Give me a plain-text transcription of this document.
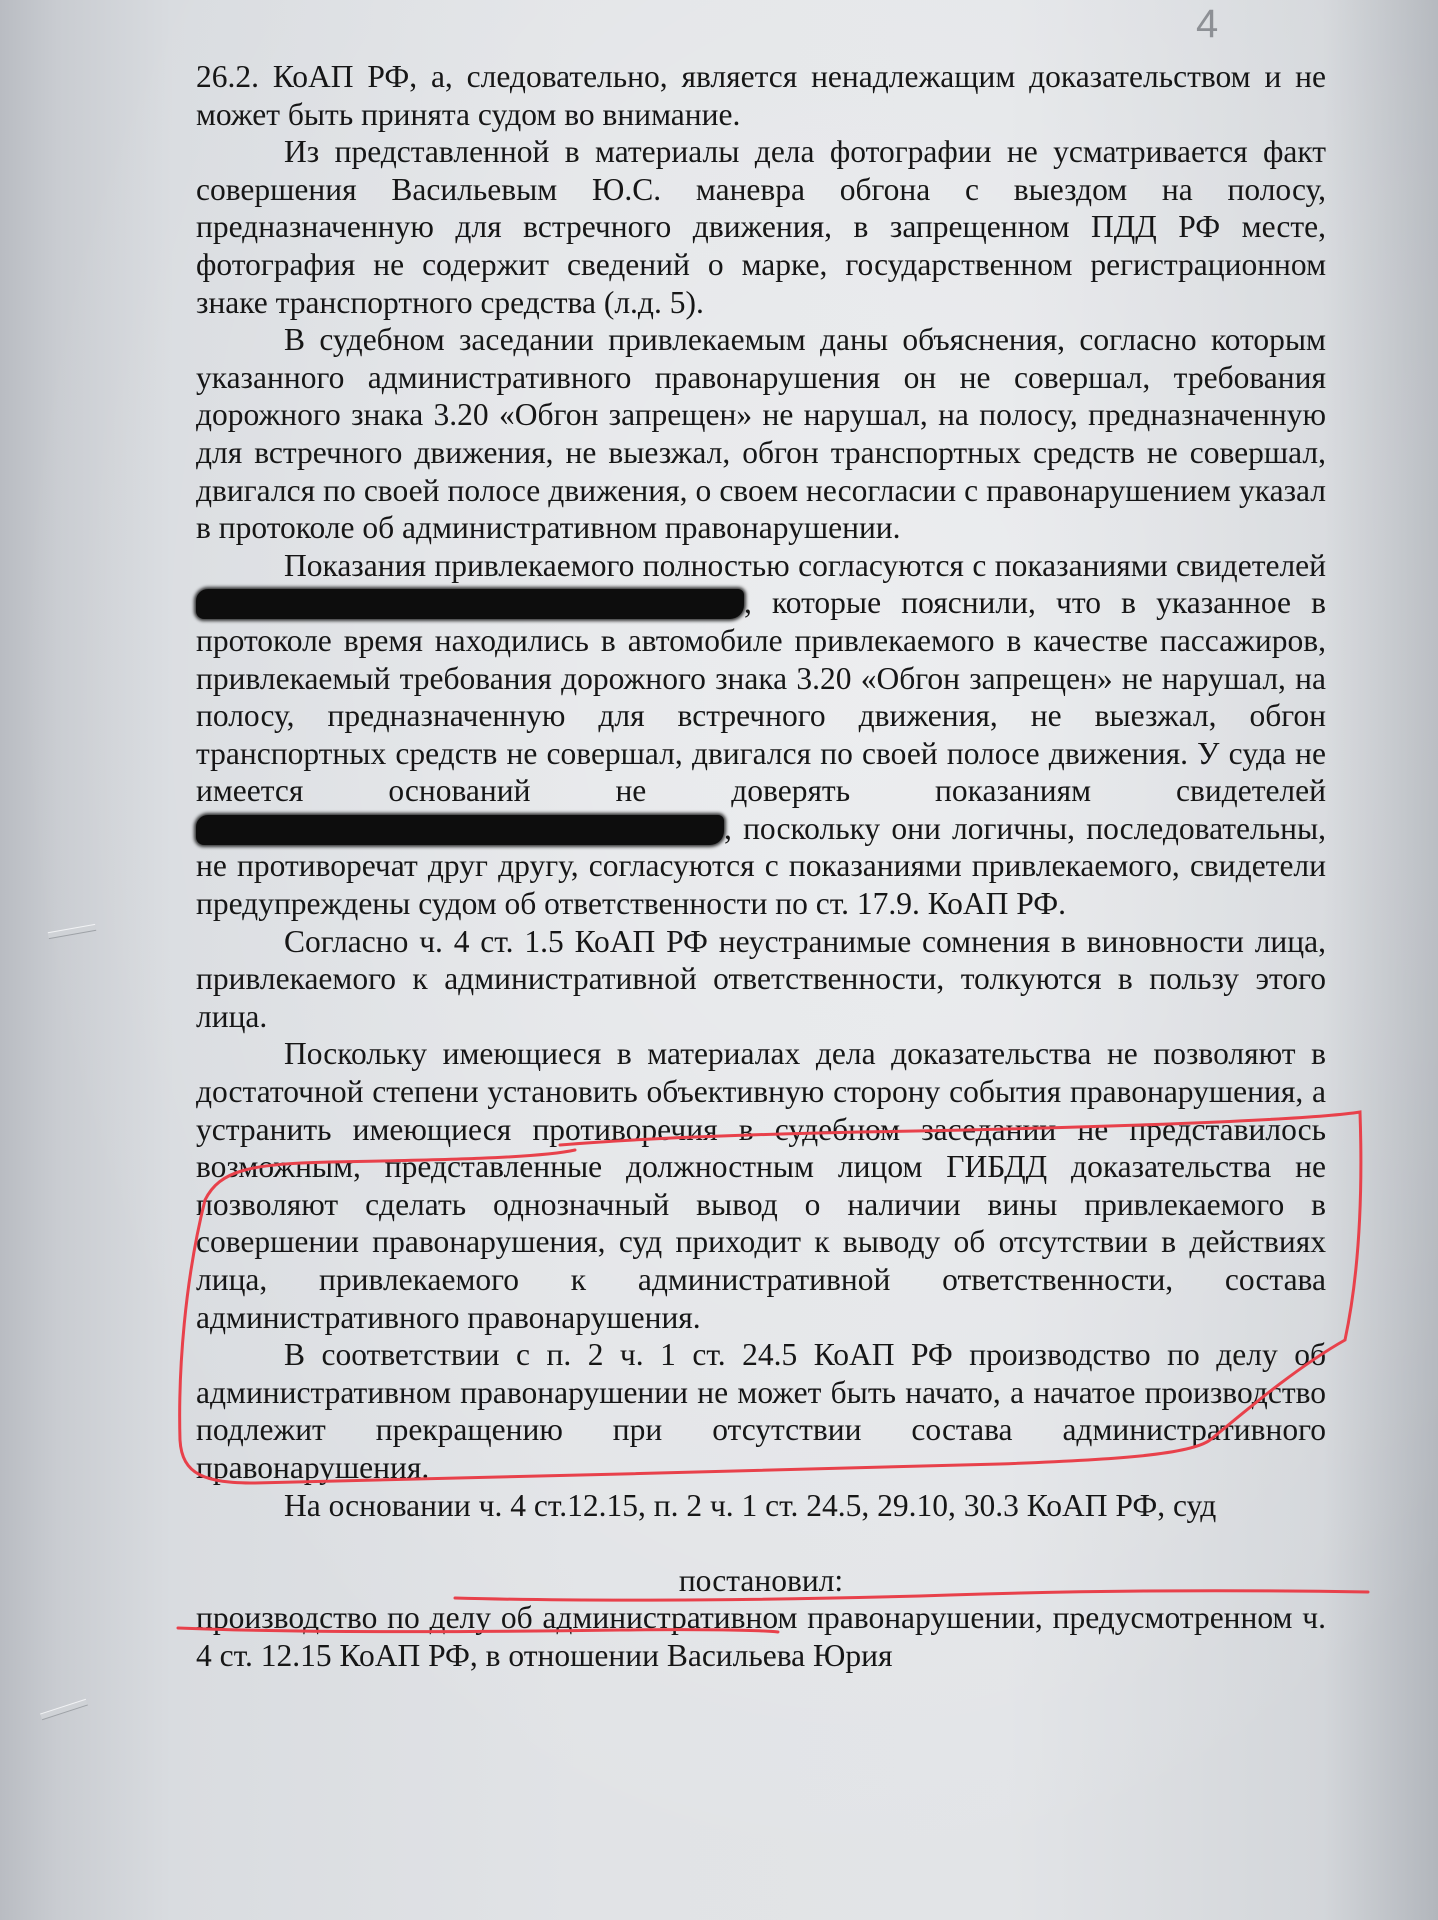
4

26.2. КоАП РФ, а, следовательно, является ненадлежащим доказательством и не может быть принята судом во внимание.

Из представленной в материалы дела фотографии не усматривается факт совершения Васильевым Ю.С. маневра обгона с выездом на полосу, предназначенную для встречного движения, в запрещенном ПДД РФ месте, фотография не содержит сведений о марке, государственном регистрационном знаке транспортного средства (л.д. 5).

В судебном заседании привлекаемым даны объяснения, согласно которым указанного административного правонарушения он не совершал, требования дорожного знака 3.20 «Обгон запрещен» не нарушал, на полосу, предназначенную для встречного движения, не выезжал, обгон транспортных средств не совершал, двигался по своей полосе движения, о своем несогласии с правонарушением указал в протоколе об административном правонарушении.

Показания привлекаемого полностью согласуются с показаниями свидетелей , которые пояснили, что в указанное в протоколе время находились в автомобиле привлекаемого в качестве пассажиров, привлекаемый требования дорожного знака 3.20 «Обгон запрещен» не нарушал, на полосу, предназначенную для встречного движения, не выезжал, обгон транспортных средств не совершал, двигался по своей полосе движения. У суда не имеется оснований не доверять показаниям свидетелей , поскольку они логичны, последовательны, не противоречат друг другу, согласуются с показаниями привлекаемого, свидетели предупреждены судом об ответственности по ст. 17.9. КоАП РФ.

Согласно ч. 4 ст. 1.5 КоАП РФ неустранимые сомнения в виновности лица, привлекаемого к административной ответственности, толкуются в пользу этого лица.

Поскольку имеющиеся в материалах дела доказательства не позволяют в достаточной степени установить объективную сторону события правонарушения, а устранить имеющиеся противоречия в судебном заседании не представилось возможным, представленные должностным лицом ГИБДД доказательства не позволяют сделать однозначный вывод о наличии вины привлекаемого в совершении правонарушения, суд приходит к выводу об отсутствии в действиях лица, привлекаемого к административной ответственности, состава административного правонарушения.

В соответствии с п. 2 ч. 1 ст. 24.5 КоАП РФ производство по делу об административном правонарушении не может быть начато, а начатое производство подлежит прекращению при отсутствии состава административного правонарушения.

На основании ч. 4 ст.12.15, п. 2 ч. 1 ст. 24.5, 29.10, 30.3 КоАП РФ, суд

постановил:

производство по делу об административном правонарушении, предусмотренном ч. 4 ст. 12.15 КоАП РФ, в отношении Васильева Юрия
